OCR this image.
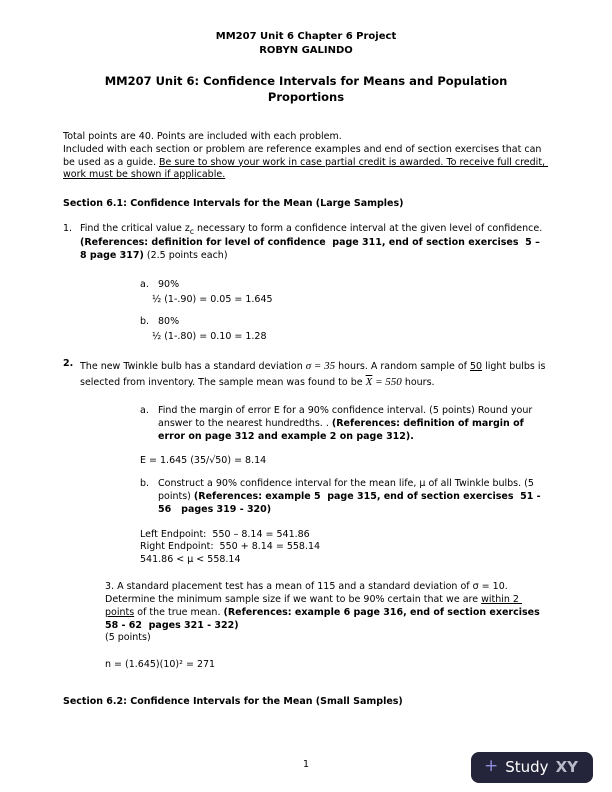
MM207 Unit 6 Chapter 6 Project
ROBYN GALINDO
MM207 Unit 6: Confidence Intervals for Means and Population Proportions

Total points are 40. Points are included with each problem.
Included with each section or problem are reference examples and end of section exercises that can be used as a guide. Be sure to show your work in case partial credit is awarded. To receive full credit, work must be shown if applicable.

Section 6.1: Confidence Intervals for the Mean (Large Samples)
1. Find the critical value $z_c$ necessary to form a confidence interval at the given level of confidence. (References: definition for level of confidence  page 311, end of section exercises  5 – 8 page 317) (2.5 points each)
a. 90%
½ (1-.90) = 0.05 = 1.645
b. 80%
½ (1-.80) = 0.10 = 1.28
2. The new Twinkle bulb has a standard deviation σ = 35 hours. A random sample of 50 light bulbs is selected from inventory. The sample mean was found to be $\overline{X} = 550$ hours.
a. Find the margin of error E for a 90% confidence interval. (5 points) Round your answer to the nearest hundredths. . (References: definition of margin of error on page 312 and example 2 on page 312).
E = 1.645 (35/√50) = 8.14
b. Construct a 90% confidence interval for the mean life, µ of all Twinkle bulbs. (5 points) (References: example 5  page 315, end of section exercises  51 - 56   pages 319 - 320)
Left Endpoint:  550 – 8.14 = 541.86
Right Endpoint:  550 + 8.14 = 558.14
541.86 < µ < 558.14
3. A standard placement test has a mean of 115 and a standard deviation of σ = 10. Determine the minimum sample size if we want to be 90% certain that we are within 2 points of the true mean. (References: example 6 page 316, end of section exercises  58 - 62  pages 321 - 322)
(5 points)
n = (1.645)(10)² = 271
Section 6.2: Confidence Intervals for the Mean (Small Samples)
1	+ Study XY
